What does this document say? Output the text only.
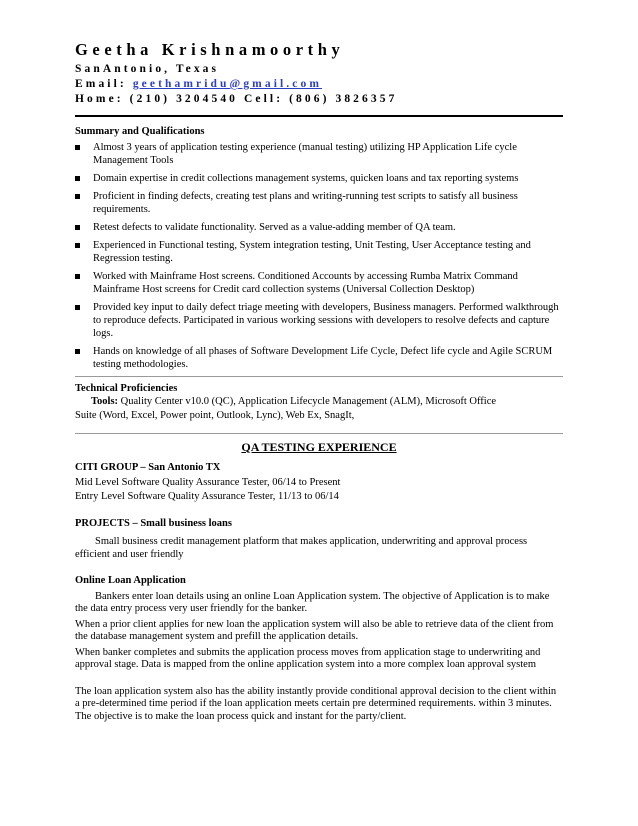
Geetha Krishnamoorthy
SanAntonio, Texas
Email: geethamridu@gmail.com
Home: (210) 3204540 Cell: (806) 3826357
Summary and Qualifications
Almost 3 years of application testing experience (manual testing) utilizing HP Application Life cycle Management Tools
Domain expertise in credit collections management systems, quicken loans and tax reporting systems
Proficient in finding defects, creating test plans and writing-running test scripts to satisfy all business requirements.
Retest defects to validate functionality. Served as a value-adding member of QA team.
Experienced in Functional testing, System integration testing, Unit Testing, User Acceptance testing and Regression testing.
Worked with Mainframe Host screens. Conditioned Accounts by accessing Rumba Matrix Command Mainframe Host screens for Credit card collection systems (Universal Collection Desktop)
Provided key input to daily defect triage meeting with developers, Business managers. Performed walkthrough to reproduce defects. Participated in various working sessions with developers to resolve defects and capture logs.
Hands on knowledge of all phases of Software Development Life Cycle, Defect life cycle and Agile SCRUM testing methodologies.
Technical Proficiencies
Tools: Quality Center v10.0 (QC), Application Lifecycle Management (ALM), Microsoft Office
Suite (Word, Excel, Power point, Outlook, Lync), Web Ex, SnagIt,
QA TESTING EXPERIENCE
CITI GROUP – San Antonio TX
Mid Level Software Quality Assurance Tester, 06/14 to Present
Entry Level Software Quality Assurance Tester, 11/13 to 06/14
PROJECTS – Small business loans
Small business credit management platform that makes application, underwriting and approval process efficient and user friendly
Online Loan Application
Bankers enter loan details using an online Loan Application system. The objective of Application is to make the data entry process very user friendly for the banker.
When a prior client applies for new loan the application system will also be able to retrieve data of the client from the database management system and prefill the application details.
When banker completes and submits the application process moves from application stage to underwriting and approval stage. Data is mapped from the online application system into a more complex loan approval system
The loan application system also has the ability instantly provide conditional approval decision to the client within a pre-determined time period if the loan application meets certain pre determined requirements. within 3 minutes. The objective is to make the loan process quick and instant for the party/client.
